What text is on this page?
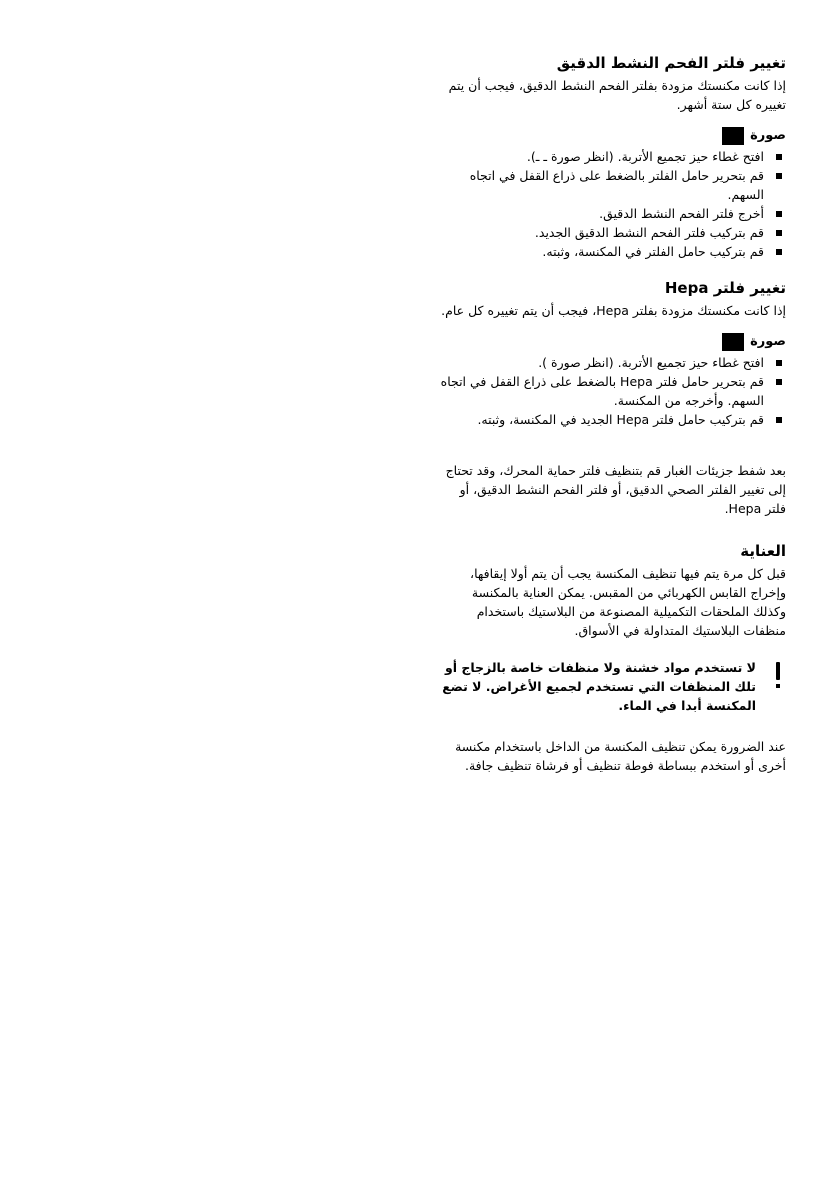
تغيير فلتر الفحم النشط الدقيق

إذا كانت مكنستك مزودة بفلتر الفحم النشط الدقيق، فيجب أن يتم تغييره كل ستة أشهر.

صورة
افتح غطاء حيز تجميع الأتربة. (انظر صورة ـ ـ).
قم بتحرير حامل الفلتر بالضغط على ذراع القفل في اتجاه السهم.
أخرج فلتر الفحم النشط الدقيق.
قم بتركيب فلتر الفحم النشط الدقيق الجديد.
قم بتركيب حامل الفلتر في المكنسة، وثبته.
تغيير فلتر Hepa

إذا كانت مكنستك مزودة بفلتر Hepa، فيجب أن يتم تغييره كل عام.

صورة
افتح غطاء حيز تجميع الأتربة. (انظر صورة ).
قم بتحرير حامل فلتر Hepa بالضغط على ذراع القفل في اتجاه السهم. وأخرجه من المكنسة.
قم بتركيب حامل فلتر Hepa الجديد في المكنسة، وثبته.

بعد شفط جزيئات الغبار قم بتنظيف فلتر حماية المحرك، وقد تحتاج إلى تغيير الفلتر الصحي الدقيق، أو فلتر الفحم النشط الدقيق، أو فلتر Hepa.

العناية

قبل كل مرة يتم فيها تنظيف المكنسة يجب أن يتم أولا إيقافها، وإخراج القابس الكهربائي من المقبس. يمكن العناية بالمكنسة وكذلك الملحقات التكميلية المصنوعة من البلاستيك باستخدام منظفات البلاستيك المتداولة في الأسواق.

لا تستخدم مواد خشنة ولا منظفات خاصة بالزجاج أو تلك المنظفات التي تستخدم لجميع الأغراض. لا تضع المكنسة أبدا في الماء.

عند الضرورة يمكن تنظيف المكنسة من الداخل باستخدام مكنسة أخرى أو استخدم ببساطة فوطة تنظيف أو فرشاة تنظيف جافة.
